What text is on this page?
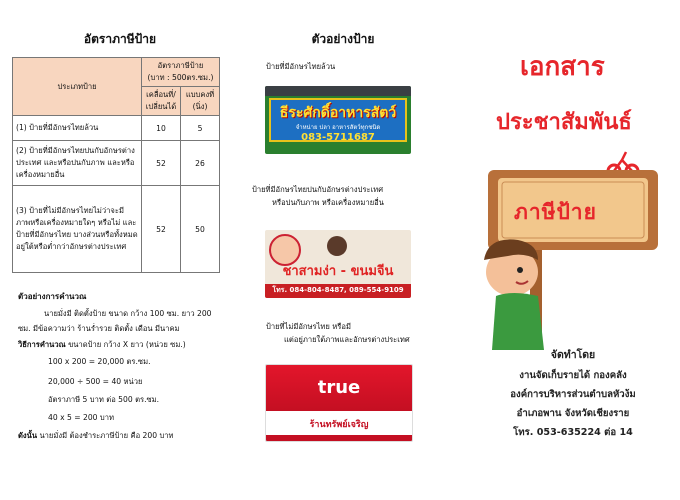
อัตราภาษีป้าย
ประเภทป้าย	อัตราภาษีป้าย
(บาท : 500ตร.ซม.)	
	เคลื่อนที่/ เปลี่ยนได้	แบบคงที่ (นิ่ง)
(1) ป้ายที่มีอักษรไทยล้วน	10	5
(2) ป้ายที่มีอักษรไทยปนกับอักษรต่างประเทศ และหรือปนกับภาพ และหรือเครื่องหมายอื่น	52	26
(3) ป้ายที่ไม่มีอักษรไทยไม่ว่าจะมีภาพหรือเครื่องหมายใดๆ หรือไม่ และป้ายที่มีอักษรไทย บางส่วนหรือทั้งหมดอยู่ใต้หรือต่ำกว่าอักษรต่างประเทศ	52	50
ตัวอย่างการคำนวณ
นายมั่งมี ติดตั้งป้าย ขนาด กว้าง 100 ซม. ยาว 200 ซม. มีข้อความว่า ร้านร่ำรวย ติดตั้ง เดือน มีนาคม
วิธีการคำนวณ ขนาดป้าย กว้าง X ยาว (หน่วย ซม.)
100 x 200 = 20,000 ตร.ซม.
20,000 ÷ 500 = 40 หน่วย
อัตราภาษี 5 บาท ต่อ 500 ตร.ซม.
40 x 5 = 200 บาท
ดังนั้น นายมั่งมี ต้องชำระภาษีป้าย คือ 200 บาท
ตัวอย่างป้าย
ป้ายที่มีอักษรไทยล้วน
ธีระศักดิ์อาหารสัตว์
จำหน่าย ปลา อาหารสัตว์ทุกชนิด
083-5711687
ป้ายที่มีอักษรไทยปนกับอักษรต่างประเทศ
หรือปนกับภาพ หรือเครื่องหมายอื่น
ชาสามง่า - ขนมจีน
โทร. 084-804-8487, 089-554-9109
ป้ายที่ไม่มีอักษรไทย หรือมี
แต่อยู่ภายใต้ภาพและอักษรต่างประเทศ
true
ร้านทรัพย์เจริญ
เอกสาร
ประชาสัมพันธ์
ภาษีป้าย
จัดทำโดย
งานจัดเก็บรายได้ กองคลัง
องค์การบริหารส่วนตำบลหัวง้ม
อำเภอพาน จังหวัดเชียงราย
โทร. 053-635224 ต่อ 14
